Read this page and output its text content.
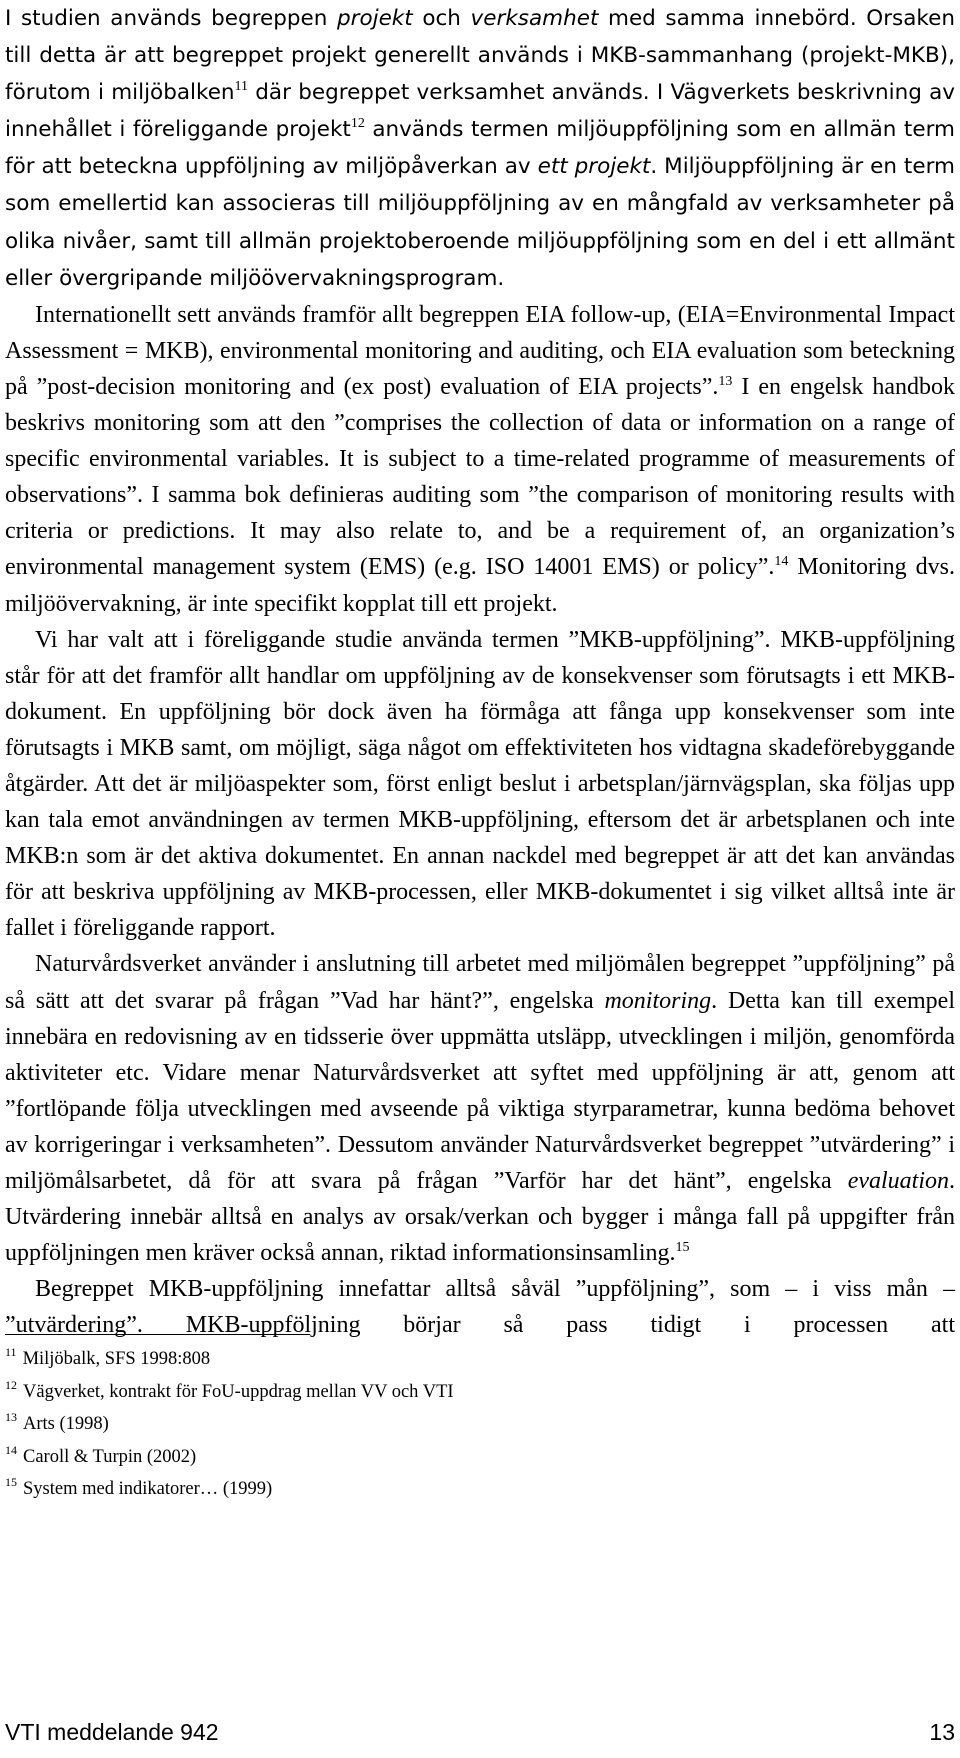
I studien används begreppen projekt och verksamhet med samma innebörd. Orsaken till detta är att begreppet projekt generellt används i MKB-sammanhang (projekt-MKB), förutom i miljöbalken$^{11}$ där begreppet verksamhet används. I Vägverkets beskrivning av innehållet i föreliggande projekt$^{12}$ används termen miljöuppföljning som en allmän term för att beteckna uppföljning av miljöpåverkan av ett projekt. Miljöuppföljning är en term som emellertid kan associeras till miljöuppföljning av en mångfald av verksamheter på olika nivåer, samt till allmän projektoberoende miljöuppföljning som en del i ett allmänt eller övergripande miljöövervakningsprogram.

Internationellt sett används framför allt begreppen EIA follow-up, (EIA=Environmental Impact Assessment = MKB), environmental monitoring and auditing, och EIA evaluation som beteckning på ”post-decision monitoring and (ex post) evaluation of EIA projects”.$^{13}$ I en engelsk handbok beskrivs monitoring som att den ”comprises the collection of data or information on a range of specific environmental variables. It is subject to a time-related programme of measurements of observations”. I samma bok definieras auditing som ”the comparison of monitoring results with criteria or predictions. It may also relate to, and be a requirement of, an organization’s environmental management system (EMS) (e.g. ISO 14001 EMS) or policy”.$^{14}$ Monitoring dvs. miljöövervakning, är inte specifikt kopplat till ett projekt.

Vi har valt att i föreliggande studie använda termen ”MKB-uppföljning”. MKB-uppföljning står för att det framför allt handlar om uppföljning av de konsekvenser som förutsagts i ett MKB-dokument. En uppföljning bör dock även ha förmåga att fånga upp konsekvenser som inte förutsagts i MKB samt, om möjligt, säga något om effektiviteten hos vidtagna skadeförebyggande åtgärder. Att det är miljöaspekter som, först enligt beslut i arbetsplan/järnvägsplan, ska följas upp kan tala emot användningen av termen MKB-uppföljning, eftersom det är arbetsplanen och inte MKB:n som är det aktiva dokumentet. En annan nackdel med begreppet är att det kan användas för att beskriva uppföljning av MKB-processen, eller MKB-dokumentet i sig vilket alltså inte är fallet i föreliggande rapport.

Naturvårdsverket använder i anslutning till arbetet med miljömålen begreppet ”uppföljning” på så sätt att det svarar på frågan ”Vad har hänt?”, engelska monitoring. Detta kan till exempel innebära en redovisning av en tidsserie över uppmätta utsläpp, utvecklingen i miljön, genomförda aktiviteter etc. Vidare menar Naturvårdsverket att syftet med uppföljning är att, genom att ”fortlöpande följa utvecklingen med avseende på viktiga styrparametrar, kunna bedöma behovet av korrigeringar i verksamheten”. Dessutom använder Naturvårdsverket begreppet ”utvärdering” i miljömålsarbetet, då för att svara på frågan ”Varför har det hänt”, engelska evaluation. Utvärdering innebär alltså en analys av orsak/verkan och bygger i många fall på uppgifter från uppföljningen men kräver också annan, riktad informationsinsamling.$^{15}$

Begreppet MKB-uppföljning innefattar alltså såväl ”uppföljning”, som – i viss mån – ”utvärdering”. MKB-uppföljning börjar så pass tidigt i processen att

$^{11}$ Miljöbalk, SFS 1998:808
$^{12}$ Vägverket, kontrakt för FoU-uppdrag mellan VV och VTI
$^{13}$ Arts (1998)
$^{14}$ Caroll & Turpin (2002)
$^{15}$ System med indikatorer… (1999)
VTI meddelande 942	13
